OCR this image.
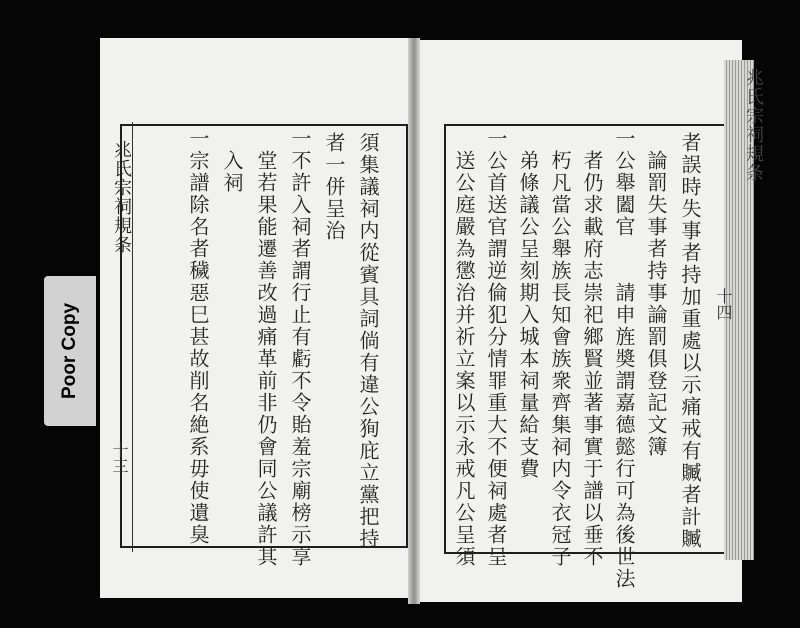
兆氏宗祠規条
十三	須集議祠内從賓具詞倘有違公狥庇立黨把持
者一併呈治
一不許入祠者謂行止有虧不令貽羞宗廟榜示享
堂若果能遷善改過痛革前非仍會同公議許其
入祠
一宗譜除名者穢惡巳甚故削名絶系毋使遺臭
兆氏宗祠規条
十四
者誤時失事者持加重處以示痛戒有贓者計贓
論罰失事者持事論罰俱登記文簿
一公舉闔官　　請申旌奬謂嘉德懿行可為後世法
者仍求載府志崇祀鄉賢並著事實于譜以垂不
朽凡當公舉族長知會族衆齊集祠内令衣冠子
弟條議公呈刻期入城本祠量給支費
一公首送官謂逆倫犯分情罪重大不便祠處者呈
送公庭嚴為懲治并祈立案以示永戒凡公呈須
Poor Copy
